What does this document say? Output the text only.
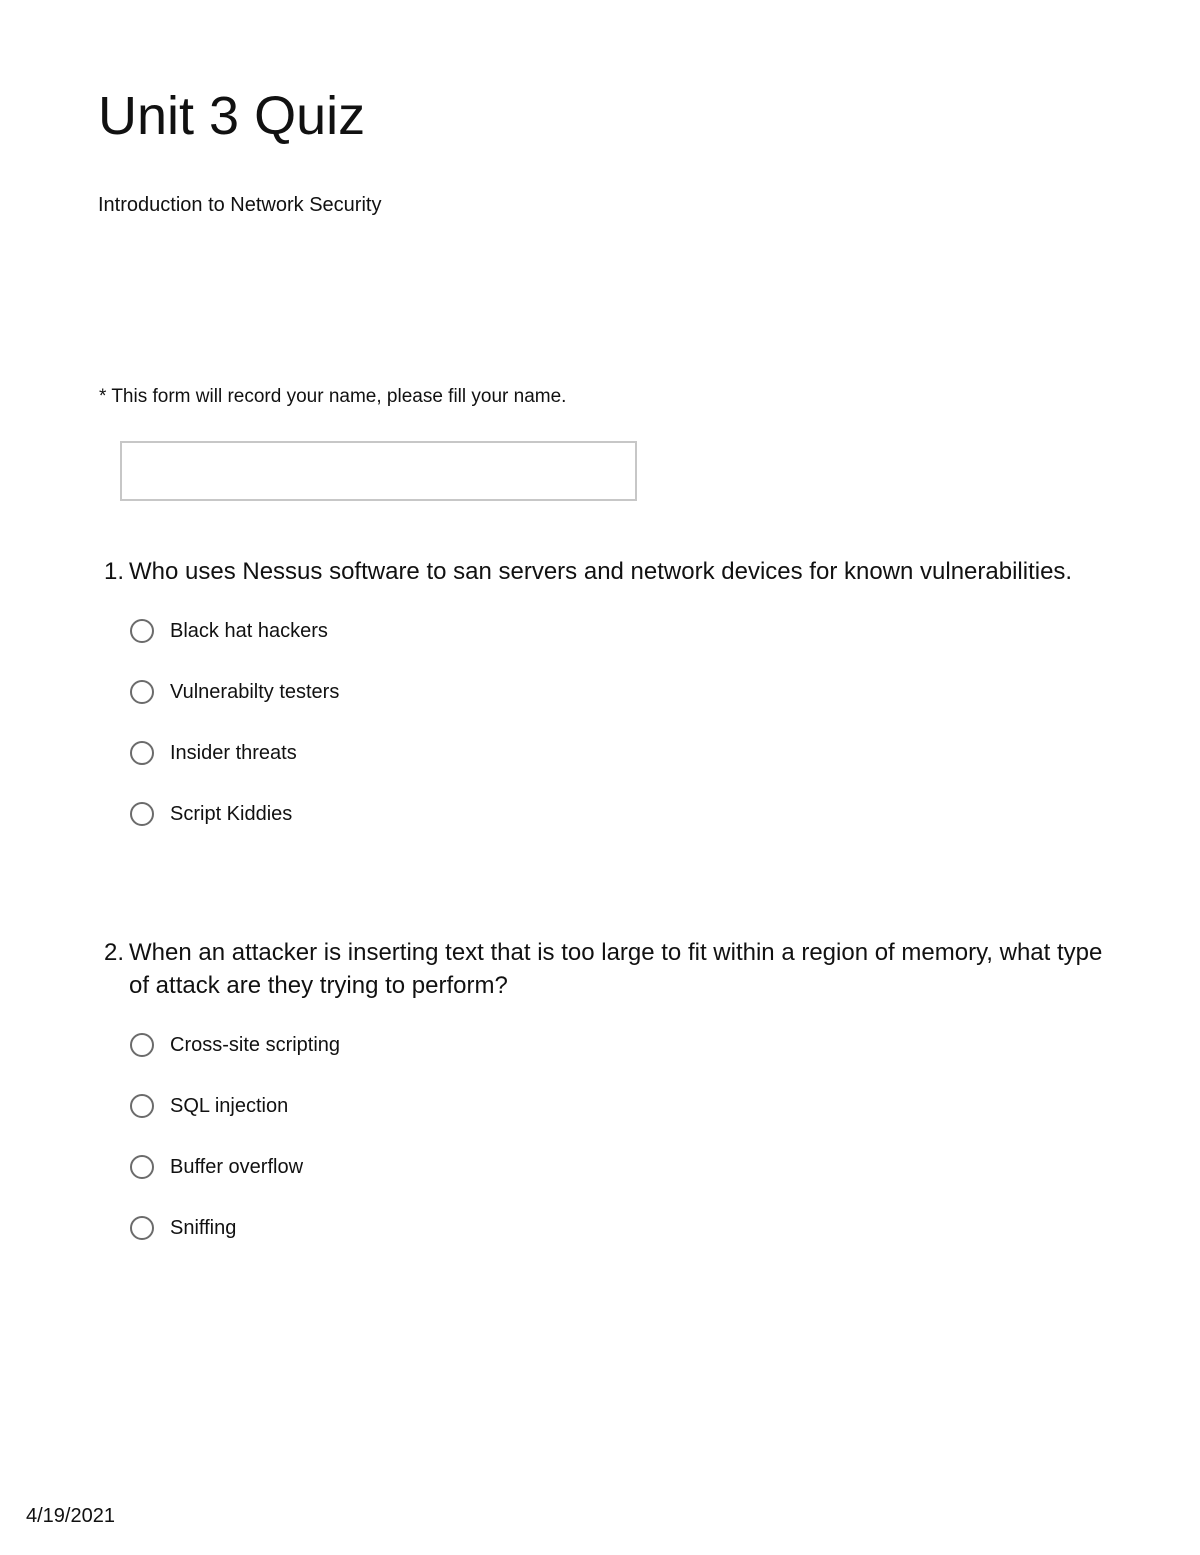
Unit 3 Quiz
Introduction to Network Security
* This form will record your name, please fill your name.
1. Who uses Nessus software to san servers and network devices for known vulnerabilities.
Black hat hackers
Vulnerabilty testers
Insider threats
Script Kiddies
2. When an attacker is inserting text that is too large to fit within a region of memory, what type of attack are they trying to perform?
Cross-site scripting
SQL injection
Buffer overflow
Sniffing
4/19/2021
